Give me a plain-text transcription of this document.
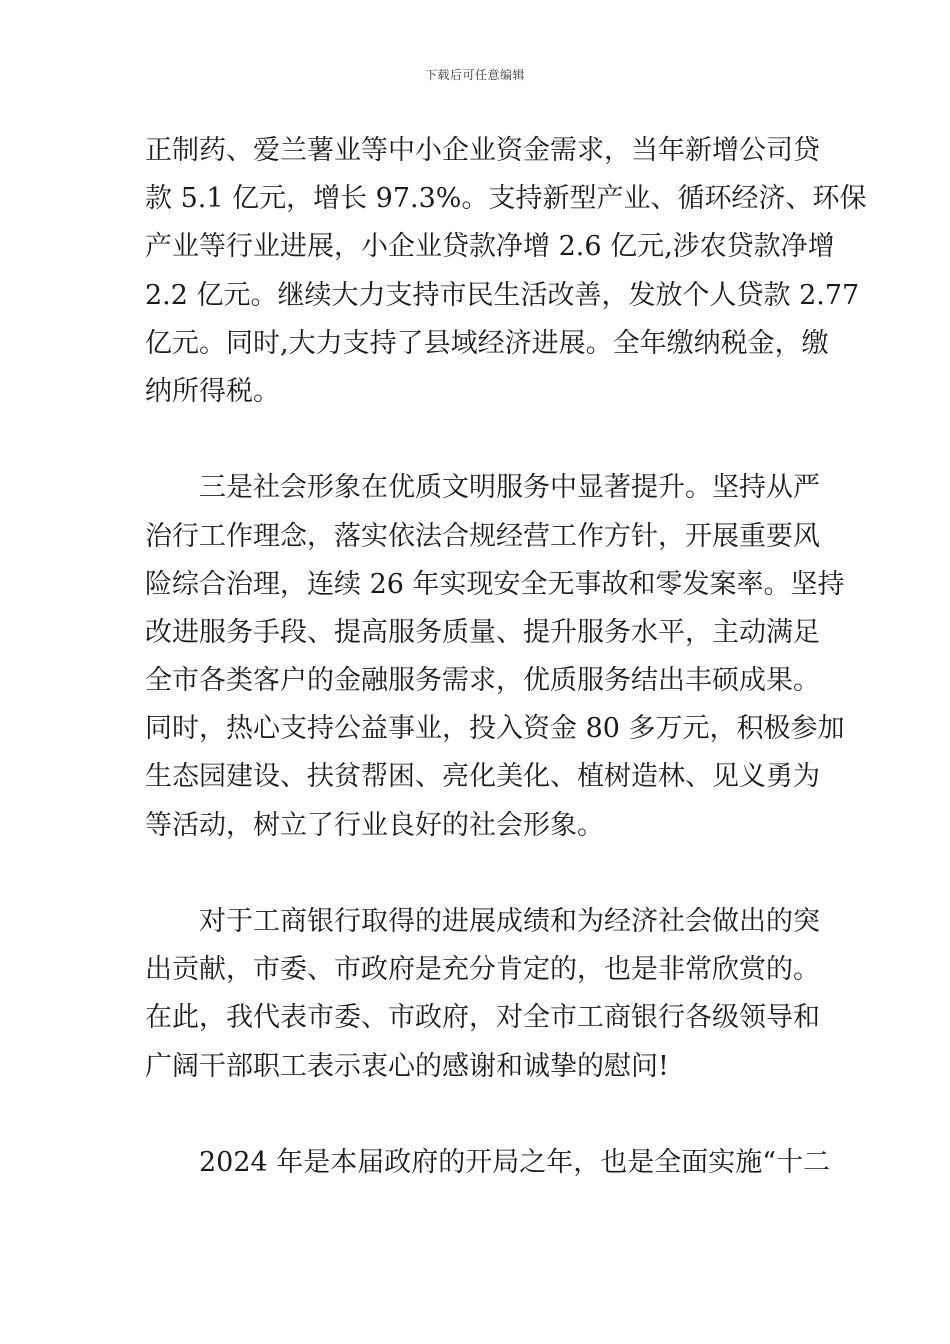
下载后可任意编辑
正制药、爱兰薯业等中小企业资金需求，当年新增公司贷
款 5.1 亿元，增长 97.3%。支持新型产业、循环经济、环保
产业等行业进展，小企业贷款净增 2.6 亿元,涉农贷款净增
2.2 亿元。继续大力支持市民生活改善，发放个人贷款 2.77
亿元。同时,大力支持了县域经济进展。全年缴纳税金，缴
纳所得税。
三是社会形象在优质文明服务中显著提升。坚持从严
治行工作理念，落实依法合规经营工作方针，开展重要风
险综合治理，连续 26 年实现安全无事故和零发案率。坚持
改进服务手段、提高服务质量、提升服务水平，主动满足
全市各类客户的金融服务需求，优质服务结出丰硕成果。
同时，热心支持公益事业，投入资金 80 多万元，积极参加
生态园建设、扶贫帮困、亮化美化、植树造林、见义勇为
等活动，树立了行业良好的社会形象。
对于工商银行取得的进展成绩和为经济社会做出的突
出贡献，市委、市政府是充分肯定的，也是非常欣赏的。
在此，我代表市委、市政府，对全市工商银行各级领导和
广阔干部职工表示衷心的感谢和诚挚的慰问!
2024 年是本届政府的开局之年，也是全面实施“十二
